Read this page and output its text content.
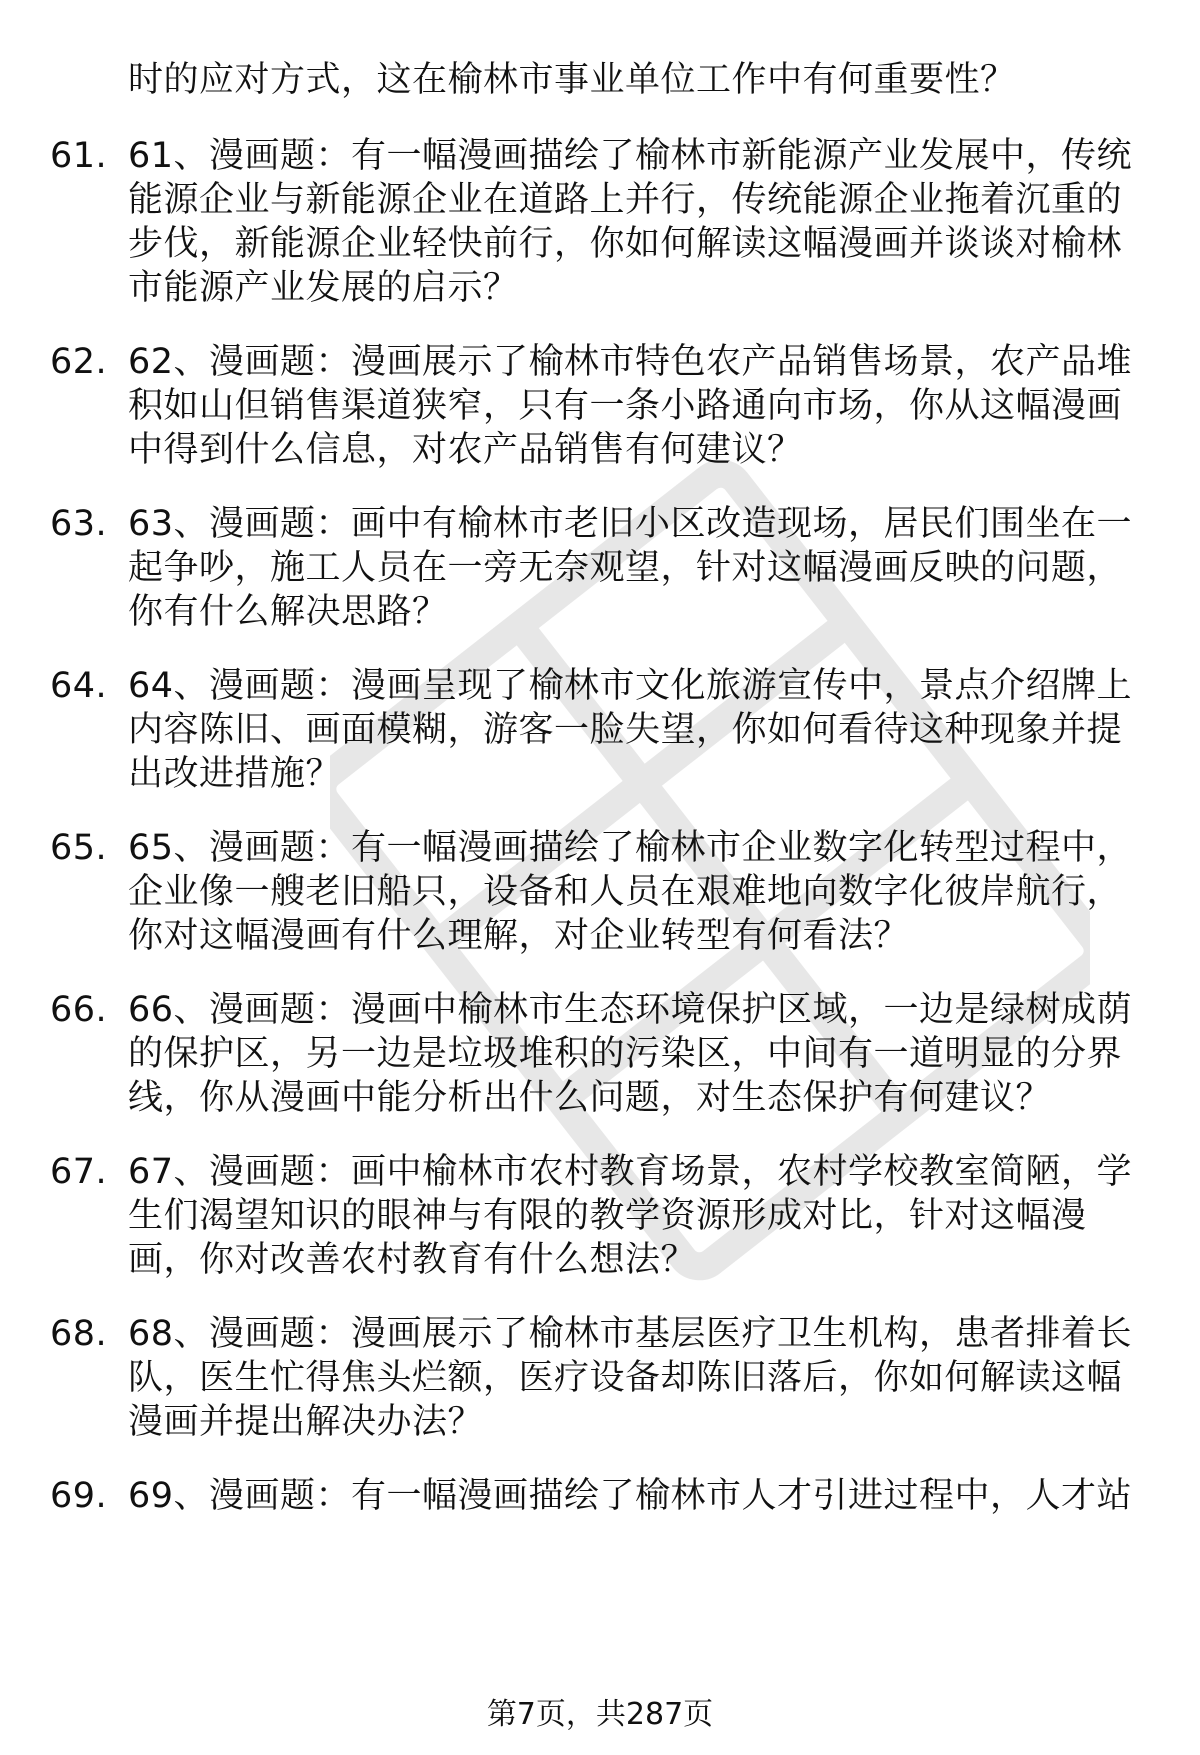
时的应对方式，这在榆林市事业单位工作中有何重要性？
61. 61、漫画题：有一幅漫画描绘了榆林市新能源产业发展中，传统能源企业与新能源企业在道路上并行，传统能源企业拖着沉重的步伐，新能源企业轻快前行，你如何解读这幅漫画并谈谈对榆林市能源产业发展的启示？
62. 62、漫画题：漫画展示了榆林市特色农产品销售场景，农产品堆积如山但销售渠道狭窄，只有一条小路通向市场，你从这幅漫画中得到什么信息，对农产品销售有何建议？
63. 63、漫画题：画中有榆林市老旧小区改造现场，居民们围坐在一起争吵，施工人员在一旁无奈观望，针对这幅漫画反映的问题，你有什么解决思路？
64. 64、漫画题：漫画呈现了榆林市文化旅游宣传中，景点介绍牌上内容陈旧、画面模糊，游客一脸失望，你如何看待这种现象并提出改进措施？
65. 65、漫画题：有一幅漫画描绘了榆林市企业数字化转型过程中，企业像一艘老旧船只，设备和人员在艰难地向数字化彼岸航行，你对这幅漫画有什么理解，对企业转型有何看法？
66. 66、漫画题：漫画中榆林市生态环境保护区域，一边是绿树成荫的保护区，另一边是垃圾堆积的污染区，中间有一道明显的分界线，你从漫画中能分析出什么问题，对生态保护有何建议？
67. 67、漫画题：画中榆林市农村教育场景，农村学校教室简陋，学生们渴望知识的眼神与有限的教学资源形成对比，针对这幅漫画，你对改善农村教育有什么想法？
68. 68、漫画题：漫画展示了榆林市基层医疗卫生机构，患者排着长队，医生忙得焦头烂额，医疗设备却陈旧落后，你如何解读这幅漫画并提出解决办法？
69. 69、漫画题：有一幅漫画描绘了榆林市人才引进过程中，人才站
第7页，共287页
